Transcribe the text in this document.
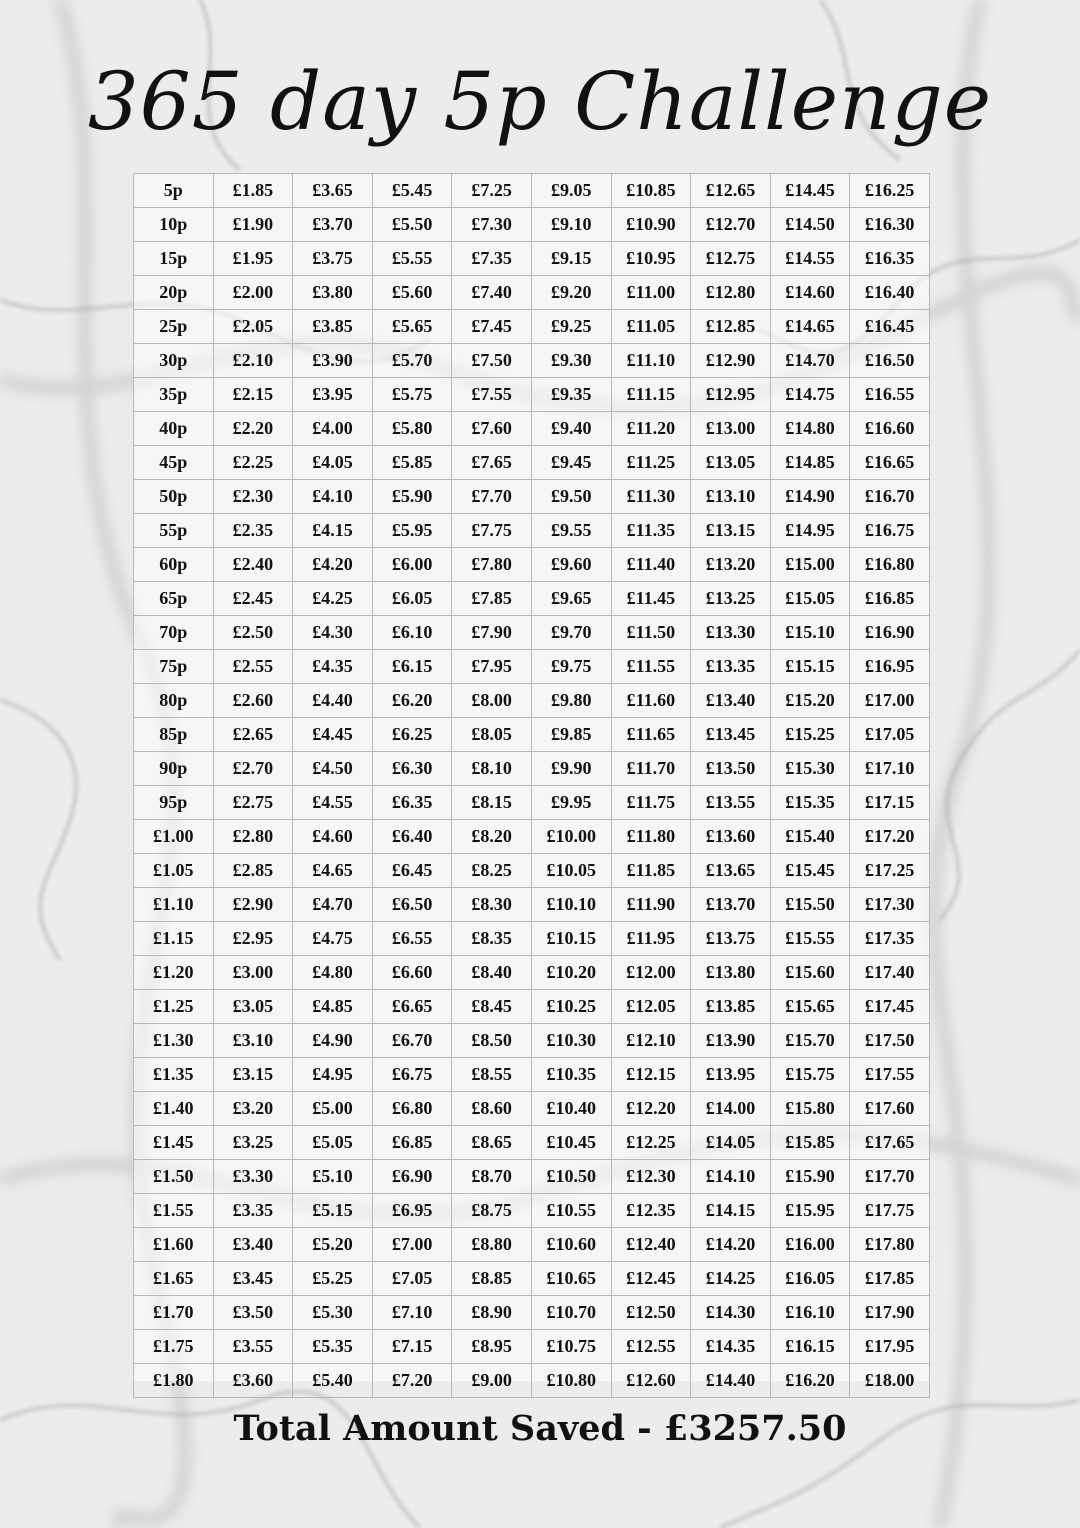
365 day 5p Challenge
5p	£1.85	£3.65	£5.45	£7.25	£9.05	£10.85	£12.65	£14.45	£16.25
10p	£1.90	£3.70	£5.50	£7.30	£9.10	£10.90	£12.70	£14.50	£16.30
15p	£1.95	£3.75	£5.55	£7.35	£9.15	£10.95	£12.75	£14.55	£16.35
20p	£2.00	£3.80	£5.60	£7.40	£9.20	£11.00	£12.80	£14.60	£16.40
25p	£2.05	£3.85	£5.65	£7.45	£9.25	£11.05	£12.85	£14.65	£16.45
30p	£2.10	£3.90	£5.70	£7.50	£9.30	£11.10	£12.90	£14.70	£16.50
35p	£2.15	£3.95	£5.75	£7.55	£9.35	£11.15	£12.95	£14.75	£16.55
40p	£2.20	£4.00	£5.80	£7.60	£9.40	£11.20	£13.00	£14.80	£16.60
45p	£2.25	£4.05	£5.85	£7.65	£9.45	£11.25	£13.05	£14.85	£16.65
50p	£2.30	£4.10	£5.90	£7.70	£9.50	£11.30	£13.10	£14.90	£16.70
55p	£2.35	£4.15	£5.95	£7.75	£9.55	£11.35	£13.15	£14.95	£16.75
60p	£2.40	£4.20	£6.00	£7.80	£9.60	£11.40	£13.20	£15.00	£16.80
65p	£2.45	£4.25	£6.05	£7.85	£9.65	£11.45	£13.25	£15.05	£16.85
70p	£2.50	£4.30	£6.10	£7.90	£9.70	£11.50	£13.30	£15.10	£16.90
75p	£2.55	£4.35	£6.15	£7.95	£9.75	£11.55	£13.35	£15.15	£16.95
80p	£2.60	£4.40	£6.20	£8.00	£9.80	£11.60	£13.40	£15.20	£17.00
85p	£2.65	£4.45	£6.25	£8.05	£9.85	£11.65	£13.45	£15.25	£17.05
90p	£2.70	£4.50	£6.30	£8.10	£9.90	£11.70	£13.50	£15.30	£17.10
95p	£2.75	£4.55	£6.35	£8.15	£9.95	£11.75	£13.55	£15.35	£17.15
£1.00	£2.80	£4.60	£6.40	£8.20	£10.00	£11.80	£13.60	£15.40	£17.20
£1.05	£2.85	£4.65	£6.45	£8.25	£10.05	£11.85	£13.65	£15.45	£17.25
£1.10	£2.90	£4.70	£6.50	£8.30	£10.10	£11.90	£13.70	£15.50	£17.30
£1.15	£2.95	£4.75	£6.55	£8.35	£10.15	£11.95	£13.75	£15.55	£17.35
£1.20	£3.00	£4.80	£6.60	£8.40	£10.20	£12.00	£13.80	£15.60	£17.40
£1.25	£3.05	£4.85	£6.65	£8.45	£10.25	£12.05	£13.85	£15.65	£17.45
£1.30	£3.10	£4.90	£6.70	£8.50	£10.30	£12.10	£13.90	£15.70	£17.50
£1.35	£3.15	£4.95	£6.75	£8.55	£10.35	£12.15	£13.95	£15.75	£17.55
£1.40	£3.20	£5.00	£6.80	£8.60	£10.40	£12.20	£14.00	£15.80	£17.60
£1.45	£3.25	£5.05	£6.85	£8.65	£10.45	£12.25	£14.05	£15.85	£17.65
£1.50	£3.30	£5.10	£6.90	£8.70	£10.50	£12.30	£14.10	£15.90	£17.70
£1.55	£3.35	£5.15	£6.95	£8.75	£10.55	£12.35	£14.15	£15.95	£17.75
£1.60	£3.40	£5.20	£7.00	£8.80	£10.60	£12.40	£14.20	£16.00	£17.80
£1.65	£3.45	£5.25	£7.05	£8.85	£10.65	£12.45	£14.25	£16.05	£17.85
£1.70	£3.50	£5.30	£7.10	£8.90	£10.70	£12.50	£14.30	£16.10	£17.90
£1.75	£3.55	£5.35	£7.15	£8.95	£10.75	£12.55	£14.35	£16.15	£17.95
£1.80	£3.60	£5.40	£7.20	£9.00	£10.80	£12.60	£14.40	£16.20	£18.00
Total Amount Saved - £3257.50
